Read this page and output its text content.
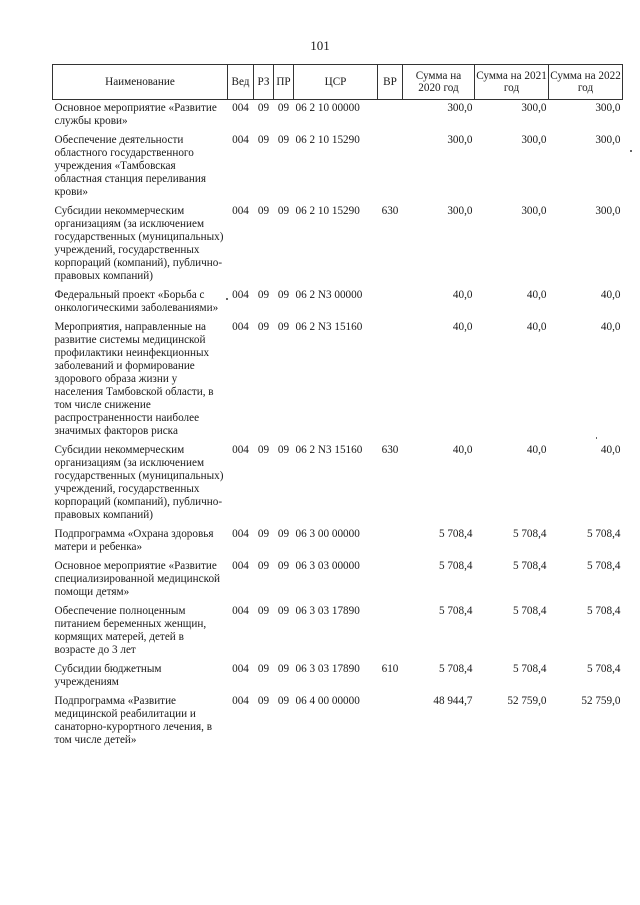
101
Наименование	Вед	РЗ	ПР	ЦСР	ВР	Сумма на 2020 год	Сумма на 2021 год	Сумма на 2022 год
Основное мероприятие «Развитие службы крови»	004	09	09	06 2 10 00000		300,0	300,0	300,0
Обеспечение деятельности областного государственного учреждения «Тамбовская областная станция переливания крови»	004	09	09	06 2 10 15290		300,0	300,0	300,0
Субсидии некоммерческим организациям (за исключением государственных (муниципальных) учреждений, государственных корпораций (компаний), публично-правовых компаний)	004	09	09	06 2 10 15290	630	300,0	300,0	300,0
Федеральный проект «Борьба с онкологическими заболеваниями»	004	09	09	06 2 N3 00000		40,0	40,0	40,0
Мероприятия, направленные на развитие системы медицинской профилактики неинфекционных заболеваний и формирование здорового образа жизни у населения Тамбовской области, в том числе снижение распространенности наиболее значимых факторов риска	004	09	09	06 2 N3 15160		40,0	40,0	40,0
Субсидии некоммерческим организациям (за исключением государственных (муниципальных) учреждений, государственных корпораций (компаний), публично-правовых компаний)	004	09	09	06 2 N3 15160	630	40,0	40,0	40,0
Подпрограмма «Охрана здоровья матери и ребенка»	004	09	09	06 3 00 00000		5 708,4	5 708,4	5 708,4
Основное мероприятие «Развитие специализированной медицинской помощи детям»	004	09	09	06 3 03 00000		5 708,4	5 708,4	5 708,4
Обеспечение полноценным питанием беременных женщин, кормящих матерей, детей в возрасте до 3 лет	004	09	09	06 3 03 17890		5 708,4	5 708,4	5 708,4
Субсидии бюджетным учреждениям	004	09	09	06 3 03 17890	610	5 708,4	5 708,4	5 708,4
Подпрограмма «Развитие медицинской реабилитации и санаторно-курортного лечения, в том числе детей»	004	09	09	06 4 00 00000		48 944,7	52 759,0	52 759,0
